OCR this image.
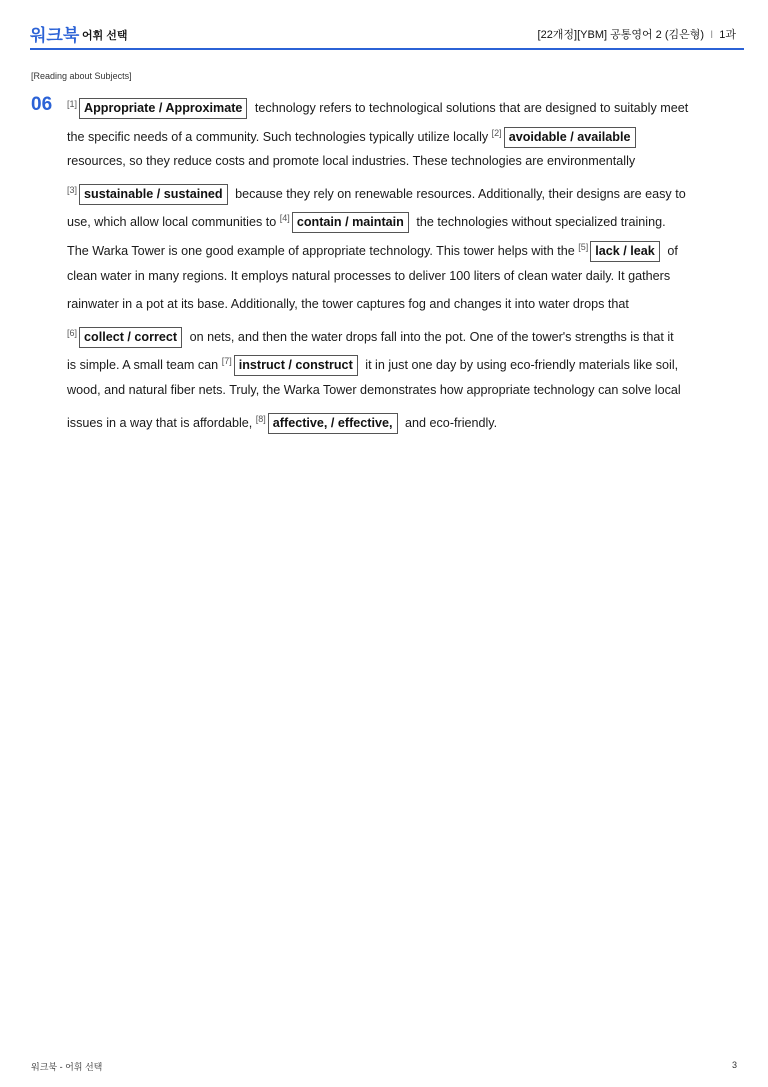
워크북 어휘 선택	[22개정][YBM] 공통영어 2 (김은형) I 1과
[Reading about Subjects]
06 [1] Appropriate / Approximate technology refers to technological solutions that are designed to suitably meet
the specific needs of a community. Such technologies typically utilize locally [2] avoidable / available
resources, so they reduce costs and promote local industries. These technologies are environmentally
[3] sustainable / sustained because they rely on renewable resources. Additionally, their designs are easy to
use, which allow local communities to [4] contain / maintain the technologies without specialized training.
The Warka Tower is one good example of appropriate technology. This tower helps with the [5] lack / leak of
clean water in many regions. It employs natural processes to deliver 100 liters of clean water daily. It gathers
rainwater in a pot at its base. Additionally, the tower captures fog and changes it into water drops that
[6] collect / correct on nets, and then the water drops fall into the pot. One of the tower's strengths is that it
is simple. A small team can [7] instruct / construct it in just one day by using eco-friendly materials like soil,
wood, and natural fiber nets. Truly, the Warka Tower demonstrates how appropriate technology can solve local
issues in a way that is affordable, [8] affective, / effective, and eco-friendly.
워크북 - 어휘 선택	3
